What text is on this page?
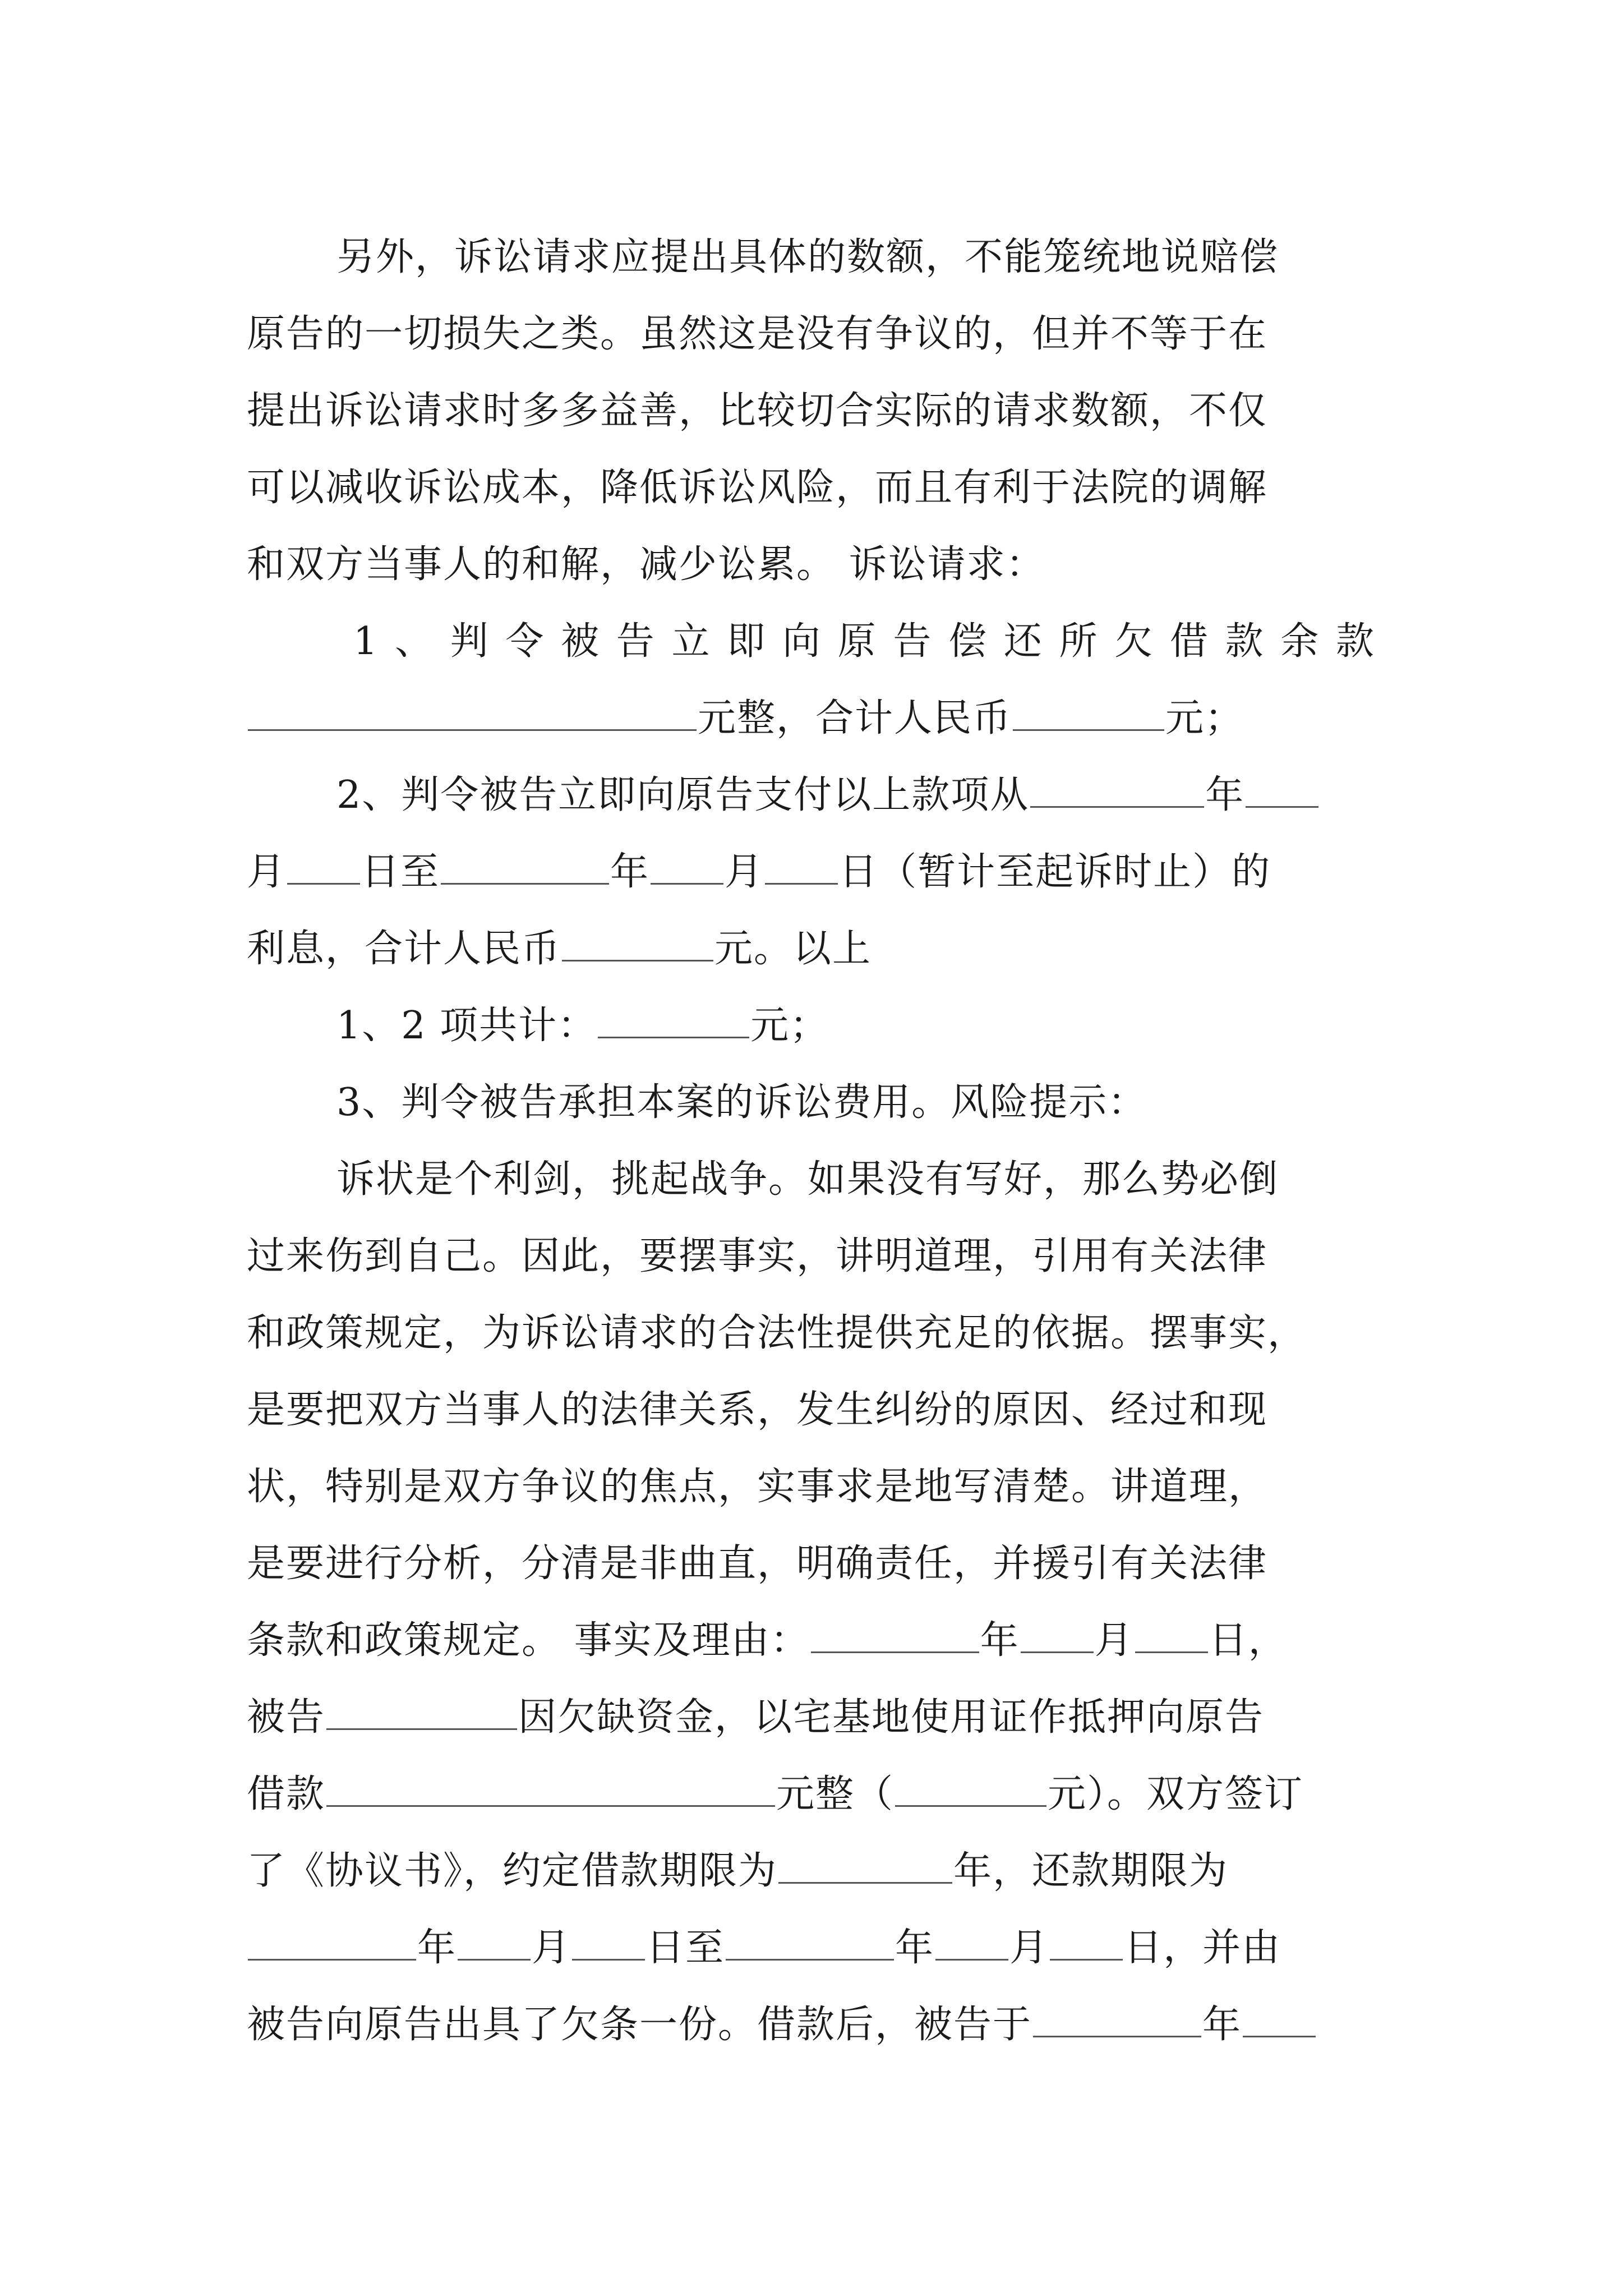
另外，诉讼请求应提出具体的数额，不能笼统地说赔偿
原告的一切损失之类。虽然这是没有争议的，但并不等于在
提出诉讼请求时多多益善，比较切合实际的请求数额，不仅
可以减收诉讼成本，降低诉讼风险，而且有利于法院的调解
和双方当事人的和解，减少讼累。 诉讼请求：
1、判令被告立即向原告偿还所欠借款余款
元整，合计人民币	元；
2、判令被告立即向原告支付以上款项从	年
月 日至	年 月 日（暂计至起诉时止）的
利息，合计人民币	元。以上
1、2 项共计：	元；
3、判令被告承担本案的诉讼费用。风险提示：
诉状是个利剑，挑起战争。如果没有写好，那么势必倒
过来伤到自己。因此，要摆事实，讲明道理，引用有关法律
和政策规定，为诉讼请求的合法性提供充足的依据。摆事实，
是要把双方当事人的法律关系，发生纠纷的原因、经过和现
状，特别是双方争议的焦点，实事求是地写清楚。讲道理，
是要进行分析，分清是非曲直，明确责任，并援引有关法律
条款和政策规定。 事实及理由：	年 月 日，
被告	因欠缺资金，以宅基地使用证作抵押向原告
借款	元整（	元）。双方签订
了《协议书》，约定借款期限为	年，还款期限为
年 月 日至	年 月 日，并由
被告向原告出具了欠条一份。借款后，被告于	年
